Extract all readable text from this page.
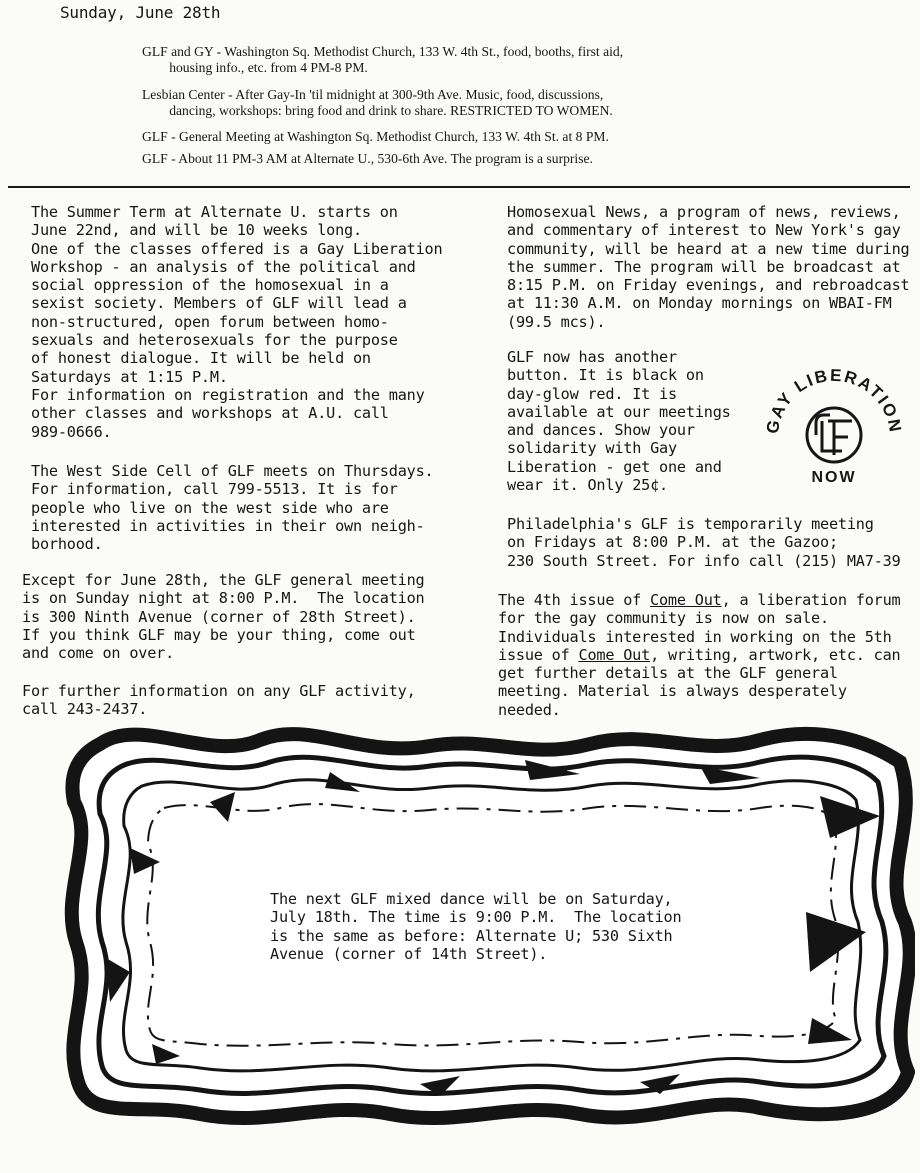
Sunday, June 28th
GLF and GY - Washington Sq. Methodist Church, 133 W. 4th St., food, booths, first aid,
housing info., etc. from 4 PM-8 PM.
Lesbian Center - After Gay-In 'til midnight at 300-9th Ave. Music, food, discussions,
dancing, workshops: bring food and drink to share. RESTRICTED TO WOMEN.
GLF - General Meeting at Washington Sq. Methodist Church, 133 W. 4th St. at 8 PM.
GLF - About 11 PM-3 AM at Alternate U., 530-6th Ave. The program is a surprise.
The Summer Term at Alternate U. starts on
June 22nd, and will be 10 weeks long.
One of the classes offered is a Gay Liberation
Workshop - an analysis of the political and
social oppression of the homosexual in a
sexist society. Members of GLF will lead a
non-structured, open forum between homo-
sexuals and heterosexuals for the purpose
of honest dialogue. It will be held on
Saturdays at 1:15 P.M.
For information on registration and the many
other classes and workshops at A.U. call
989-0666.
The West Side Cell of GLF meets on Thursdays.
For information, call 799-5513. It is for
people who live on the west side who are
interested in activities in their own neigh-
borhood.
Except for June 28th, the GLF general meeting
is on Sunday night at 8:00 P.M.  The location
is 300 Ninth Avenue (corner of 28th Street).
If you think GLF may be your thing, come out
and come on over.
For further information on any GLF activity,
call 243-2437.
Homosexual News, a program of news, reviews,
and commentary of interest to New York's gay
community, will be heard at a new time during
the summer. The program will be broadcast at
8:15 P.M. on Friday evenings, and rebroadcast
at 11:30 A.M. on Monday mornings on WBAI-FM
(99.5 mcs).
GLF now has another
button. It is black on
day-glow red. It is
available at our meetings
and dances. Show your
solidarity with Gay
Liberation - get one and
wear it. Only 25¢.
Philadelphia's GLF is temporarily meeting
on Fridays at 8:00 P.M. at the Gazoo;
230 South Street. For info call (215) MA7-39
The 4th issue of Come Out, a liberation forum
for the gay community is now on sale.
Individuals interested in working on the 5th
issue of Come Out, writing, artwork, etc. can
get further details at the GLF general
meeting. Material is always desperately
needed.
GAY LIBERATION
NOW
The next GLF mixed dance will be on Saturday,
July 18th. The time is 9:00 P.M.  The location
is the same as before: Alternate U; 530 Sixth
Avenue (corner of 14th Street).
